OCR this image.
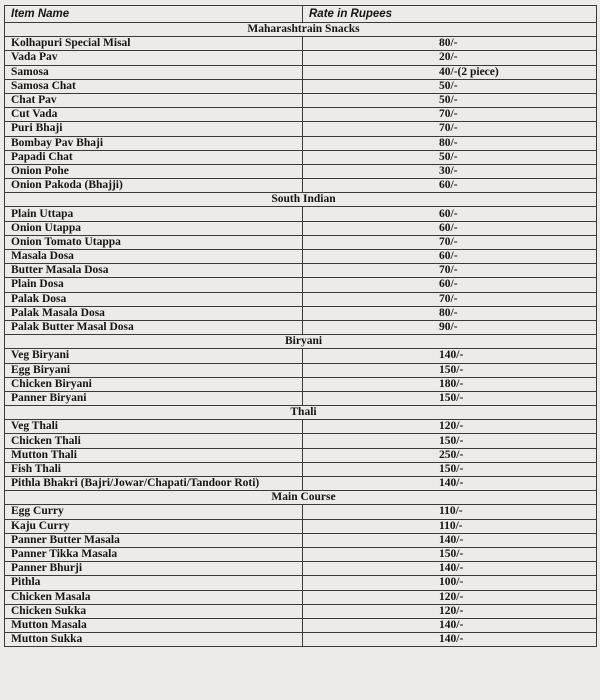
Item Name	Rate in Rupees
Maharashtrain Snacks	
Kolhapuri Special Misal	80/-
Vada Pav	20/-
Samosa	40/-(2 piece)
Samosa Chat	50/-
Chat Pav	50/-
Cut Vada	70/-
Puri Bhaji	70/-
Bombay Pav Bhaji	80/-
Papadi Chat	50/-
Onion Pohe	30/-
Onion Pakoda (Bhajji)	60/-
South Indian	
Plain Uttapa	60/-
Onion Utappa	60/-
Onion Tomato Utappa	70/-
Masala Dosa	60/-
Butter Masala Dosa	70/-
Plain Dosa	60/-
Palak Dosa	70/-
Palak Masala Dosa	80/-
Palak Butter Masal Dosa	90/-
Biryani	
Veg Biryani	140/-
Egg Biryani	150/-
Chicken Biryani	180/-
Panner Biryani	150/-
Thali	
Veg Thali	120/-
Chicken Thali	150/-
Mutton Thali	250/-
Fish Thali	150/-
Pithla Bhakri (Bajri/Jowar/Chapati/Tandoor Roti)	140/-
Main Course	
Egg Curry	110/-
Kaju Curry	110/-
Panner Butter Masala	140/-
Panner Tikka Masala	150/-
Panner Bhurji	140/-
Pithla	100/-
Chicken Masala	120/-
Chicken Sukka	120/-
Mutton Masala	140/-
Mutton Sukka	140/-
